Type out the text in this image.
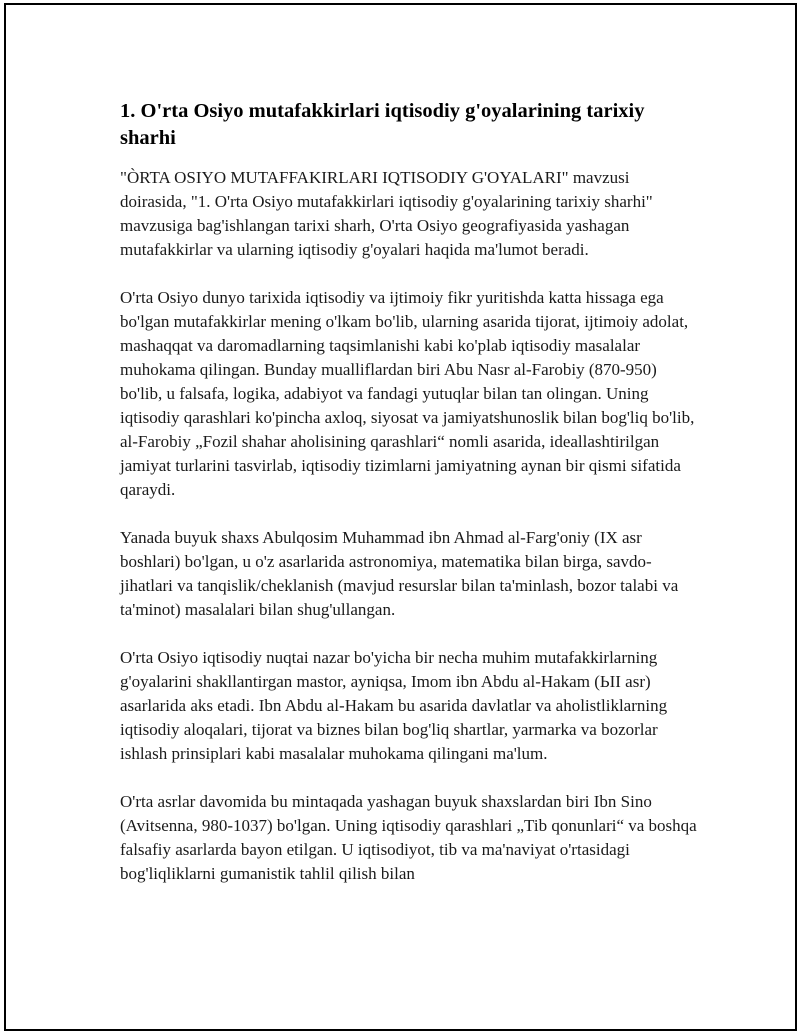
1. O'rta Osiyo mutafakkirlari iqtisodiy g'oyalarining tarixiy sharhi

"ÒRTA OSIYO MUTAFFAKIRLARI IQTISODIY G'OYALARI" mavzusi doirasida, "1. O'rta Osiyo mutafakkirlari iqtisodiy g'oyalarining tarixiy sharhi" mavzusiga bag'ishlangan tarixi sharh, O'rta Osiyo geografiyasida yashagan mutafakkirlar va ularning iqtisodiy g'oyalari haqida ma'lumot beradi.

O'rta Osiyo dunyo tarixida iqtisodiy va ijtimoiy fikr yuritishda katta hissaga ega bo'lgan mutafakkirlar mening o'lkam bo'lib, ularning asarida tijorat, ijtimoiy adolat, mashaqqat va daromadlarning taqsimlanishi kabi ko'plab iqtisodiy masalalar muhokama qilingan. Bunday mualliflardan biri Abu Nasr al-Farobiy (870-950) bo'lib, u falsafa, logika, adabiyot va fandagi yutuqlar bilan tan olingan. Uning iqtisodiy qarashlari ko'pincha axloq, siyosat va jamiyatshunoslik bilan bog'liq bo'lib, al-Farobiy „Fozil shahar aholisining qarashlari“ nomli asarida, ideallashtirilgan jamiyat turlarini tasvirlab, iqtisodiy tizimlarni jamiyatning aynan bir qismi sifatida qaraydi.

Yanada buyuk shaxs Abulqosim Muhammad ibn Ahmad al-Farg'oniy (IX asr boshlari) bo'lgan, u o'z asarlarida astronomiya, matematika bilan birga, savdo-jihatlari va tanqislik/cheklanish (mavjud resurslar bilan ta'minlash, bozor talabi va ta'minot) masalalari bilan shug'ullangan.

O'rta Osiyo iqtisodiy nuqtai nazar bo'yicha bir necha muhim mutafakkirlarning g'oyalarini shakllantirgan mastor, ayniqsa, Imom ibn Abdu al-Hakam (ЬII asr) asarlarida aks etadi. Ibn Abdu al-Hakam bu asarida davlatlar va aholistliklarning iqtisodiy aloqalari, tijorat va biznes bilan bog'liq shartlar, yarmarka va bozorlar ishlash prinsiplari kabi masalalar muhokama qilingani ma'lum.

O'rta asrlar davomida bu mintaqada yashagan buyuk shaxslardan biri Ibn Sino (Avitsenna, 980-1037) bo'lgan. Uning iqtisodiy qarashlari „Tib qonunlari“ va boshqa falsafiy asarlarda bayon etilgan. U iqtisodiyot, tib va ma'naviyat o'rtasidagi bog'liqliklarni gumanistik tahlil qilish bilan
